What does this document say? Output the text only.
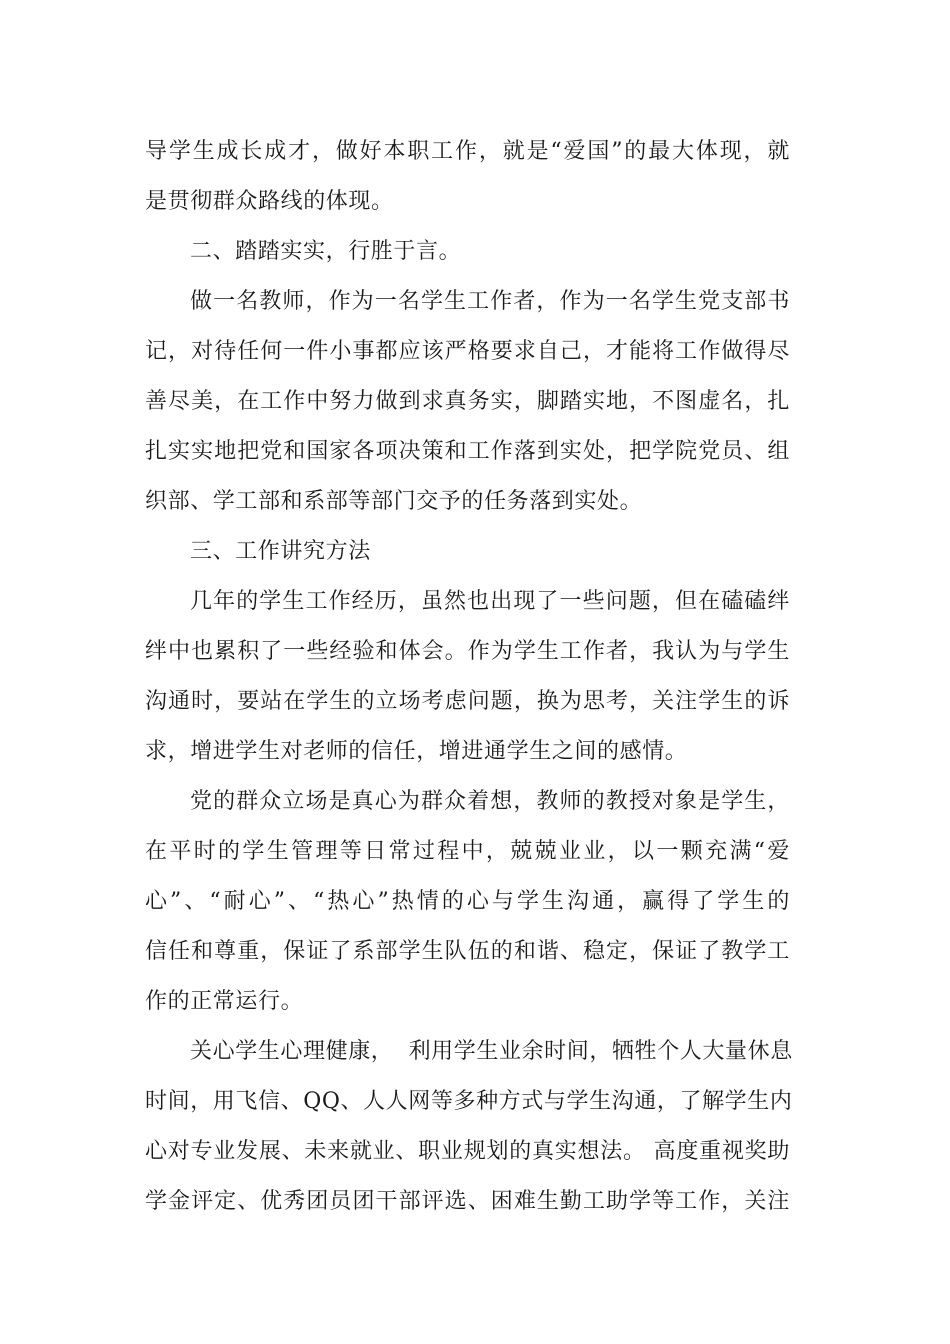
导学生成长成才，做好本职工作，就是“爱国”的最大体现，就
是贯彻群众路线的体现。
二、踏踏实实，行胜于言。
做一名教师，作为一名学生工作者，作为一名学生党支部书
记，对待任何一件小事都应该严格要求自己，才能将工作做得尽
善尽美，在工作中努力做到求真务实，脚踏实地，不图虚名，扎
扎实实地把党和国家各项决策和工作落到实处，把学院党员、组
织部、学工部和系部等部门交予的任务落到实处。
三、工作讲究方法
几年的学生工作经历，虽然也出现了一些问题，但在磕磕绊
绊中也累积了一些经验和体会。作为学生工作者，我认为与学生
沟通时，要站在学生的立场考虑问题，换为思考，关注学生的诉
求，增进学生对老师的信任，增进通学生之间的感情。
党的群众立场是真心为群众着想，教师的教授对象是学生，
在平时的学生管理等日常过程中，兢兢业业，以一颗充满“爱
心”、“耐心”、“热心”热情的心与学生沟通，赢得了学生的
信任和尊重，保证了系部学生队伍的和谐、稳定，保证了教学工
作的正常运行。
关心学生心理健康，  利用学生业余时间，牺牲个人大量休息
时间，用飞信、QQ、人人网等多种方式与学生沟通，了解学生内
心对专业发展、未来就业、职业规划的真实想法。 高度重视奖助
学金评定、优秀团员团干部评选、困难生勤工助学等工作，关注
